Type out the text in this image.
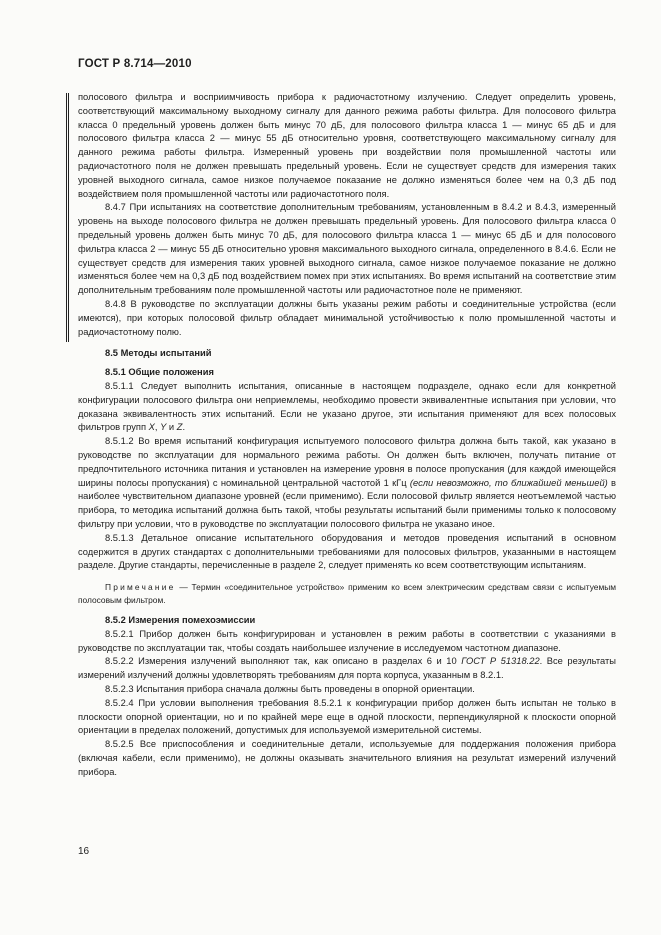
ГОСТ Р 8.714—2010

полосового фильтра и восприимчивость прибора к радиочастотному излучению. Следует определить уровень, соответствующий максимальному выходному сигналу для данного режима работы фильтра. Для полосового фильтра класса 0 предельный уровень должен быть минус 70 дБ, для полосового фильтра класса 1 — минус 65 дБ и для полосового фильтра класса 2 — минус 55 дБ относительно уровня, соответствующего максимальному сигналу для данного режима работы фильтра. Измеренный уровень при воздействии поля промышленной частоты или радиочастотного поля не должен превышать предельный уровень. Если не существует средств для измерения таких уровней выходного сигнала, самое низкое получаемое показание не должно изменяться более чем на 0,3 дБ под воздействием поля промышленной частоты или радиочастотного поля.

8.4.7 При испытаниях на соответствие дополнительным требованиям, установленным в 8.4.2 и 8.4.3, измеренный уровень на выходе полосового фильтра не должен превышать предельный уровень. Для полосового фильтра класса 0 предельный уровень должен быть минус 70 дБ, для полосового фильтра класса 1 — минус 65 дБ и для полосового фильтра класса 2 — минус 55 дБ относительно уровня максимального выходного сигнала, определенного в 8.4.6. Если не существует средств для измерения таких уровней выходного сигнала, самое низкое получаемое показание не должно изменяться более чем на 0,3 дБ под воздействием помех при этих испытаниях. Во время испытаний на соответствие этим дополнительным требованиям поле промышленной частоты или радиочастотное поле не применяют.

8.4.8 В руководстве по эксплуатации должны быть указаны режим работы и соединительные устройства (если имеются), при которых полосовой фильтр обладает минимальной устойчивостью к полю промышленной частоты и радиочастотному полю.

8.5 Методы испытаний

8.5.1 Общие положения

8.5.1.1 Следует выполнить испытания, описанные в настоящем подразделе, однако если для конкретной конфигурации полосового фильтра они неприемлемы, необходимо провести эквивалентные испытания при условии, что доказана эквивалентность этих испытаний. Если не указано другое, эти испытания применяют для всех полосовых фильтров групп X, Y и Z.

8.5.1.2 Во время испытаний конфигурация испытуемого полосового фильтра должна быть такой, как указано в руководстве по эксплуатации для нормального режима работы. Он должен быть включен, получать питание от предпочтительного источника питания и установлен на измерение уровня в полосе пропускания (для каждой имеющейся ширины полосы пропускания) с номинальной центральной частотой 1 кГц (если невозможно, то ближайшей меньшей) в наиболее чувствительном диапазоне уровней (если применимо). Если полосовой фильтр является неотъемлемой частью прибора, то методика испытаний должна быть такой, чтобы результаты испытаний были применимы только к полосовому фильтру при условии, что в руководстве по эксплуатации полосового фильтра не указано иное.

8.5.1.3 Детальное описание испытательного оборудования и методов проведения испытаний в основном содержится в других стандартах с дополнительными требованиями для полосовых фильтров, указанными в настоящем разделе. Другие стандарты, перечисленные в разделе 2, следует применять ко всем соответствующим испытаниям.

Примечание — Термин «соединительное устройство» применим ко всем электрическим средствам связи с испытуемым полосовым фильтром.

8.5.2 Измерения помехоэмиссии

8.5.2.1 Прибор должен быть конфигурирован и установлен в режим работы в соответствии с указаниями в руководстве по эксплуатации так, чтобы создать наибольшее излучение в исследуемом частотном диапазоне.

8.5.2.2 Измерения излучений выполняют так, как описано в разделах 6 и 10 ГОСТ Р 51318.22. Все результаты измерений излучений должны удовлетворять требованиям для порта корпуса, указанным в 8.2.1.

8.5.2.3 Испытания прибора сначала должны быть проведены в опорной ориентации.

8.5.2.4 При условии выполнения требования 8.5.2.1 к конфигурации прибор должен быть испытан не только в плоскости опорной ориентации, но и по крайней мере еще в одной плоскости, перпендикулярной к плоскости опорной ориентации в пределах положений, допустимых для используемой измерительной системы.

8.5.2.5 Все приспособления и соединительные детали, используемые для поддержания положения прибора (включая кабели, если применимо), не должны оказывать значительного влияния на результат измерений излучений прибора.

16
